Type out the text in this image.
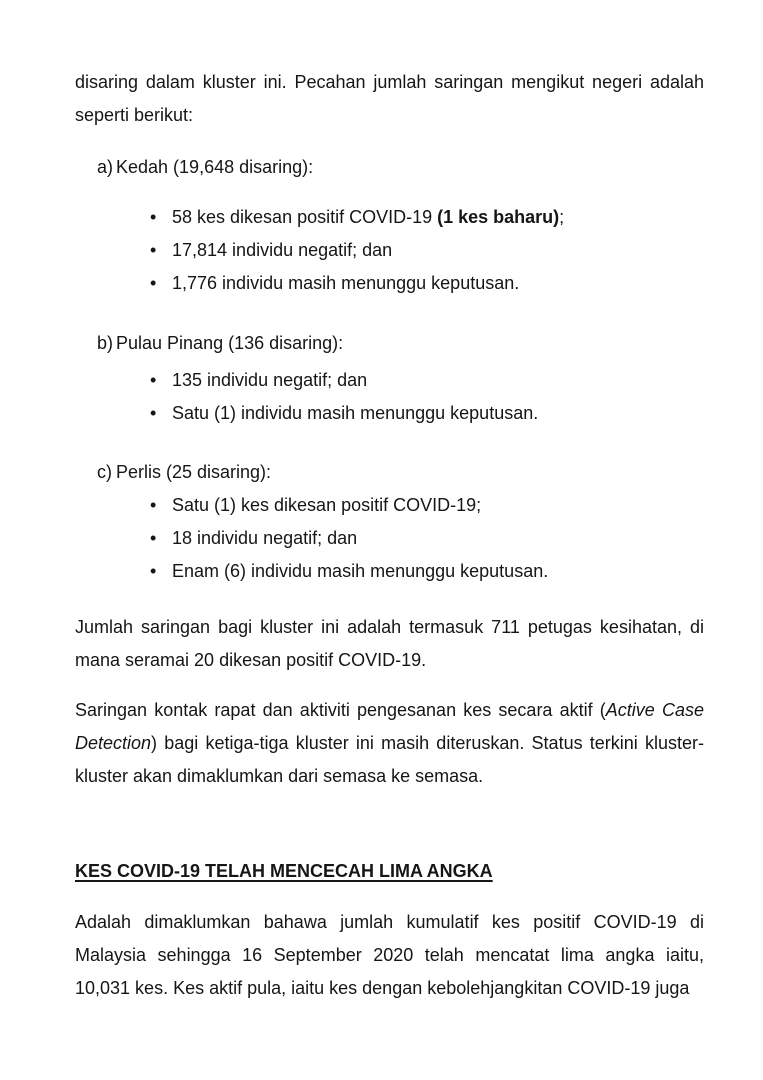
disaring dalam kluster ini. Pecahan jumlah saringan mengikut negeri adalah
seperti berikut:

a) Kedah (19,648 disaring):
• 58 kes dikesan positif COVID-19 (1 kes baharu);
• 17,814 individu negatif; dan
• 1,776 individu masih menunggu keputusan.
b) Pulau Pinang (136 disaring):
• 135 individu negatif; dan
• Satu (1) individu masih menunggu keputusan.
c) Perlis (25 disaring):
• Satu (1) kes dikesan positif COVID-19;
• 18 individu negatif; dan
• Enam (6) individu masih menunggu keputusan.

Jumlah saringan bagi kluster ini adalah termasuk 711 petugas kesihatan, di
mana seramai 20 dikesan positif COVID-19.

Saringan kontak rapat dan aktiviti pengesanan kes secara aktif (Active Case
Detection) bagi ketiga-tiga kluster ini masih diteruskan. Status terkini kluster-
kluster akan dimaklumkan dari semasa ke semasa.

KES COVID-19 TELAH MENCECAH LIMA ANGKA

Adalah dimaklumkan bahawa jumlah kumulatif kes positif COVID-19 di
Malaysia sehingga 16 September 2020 telah mencatat lima angka iaitu,
10,031 kes. Kes aktif pula, iaitu kes dengan kebolehjangkitan COVID-19 juga
